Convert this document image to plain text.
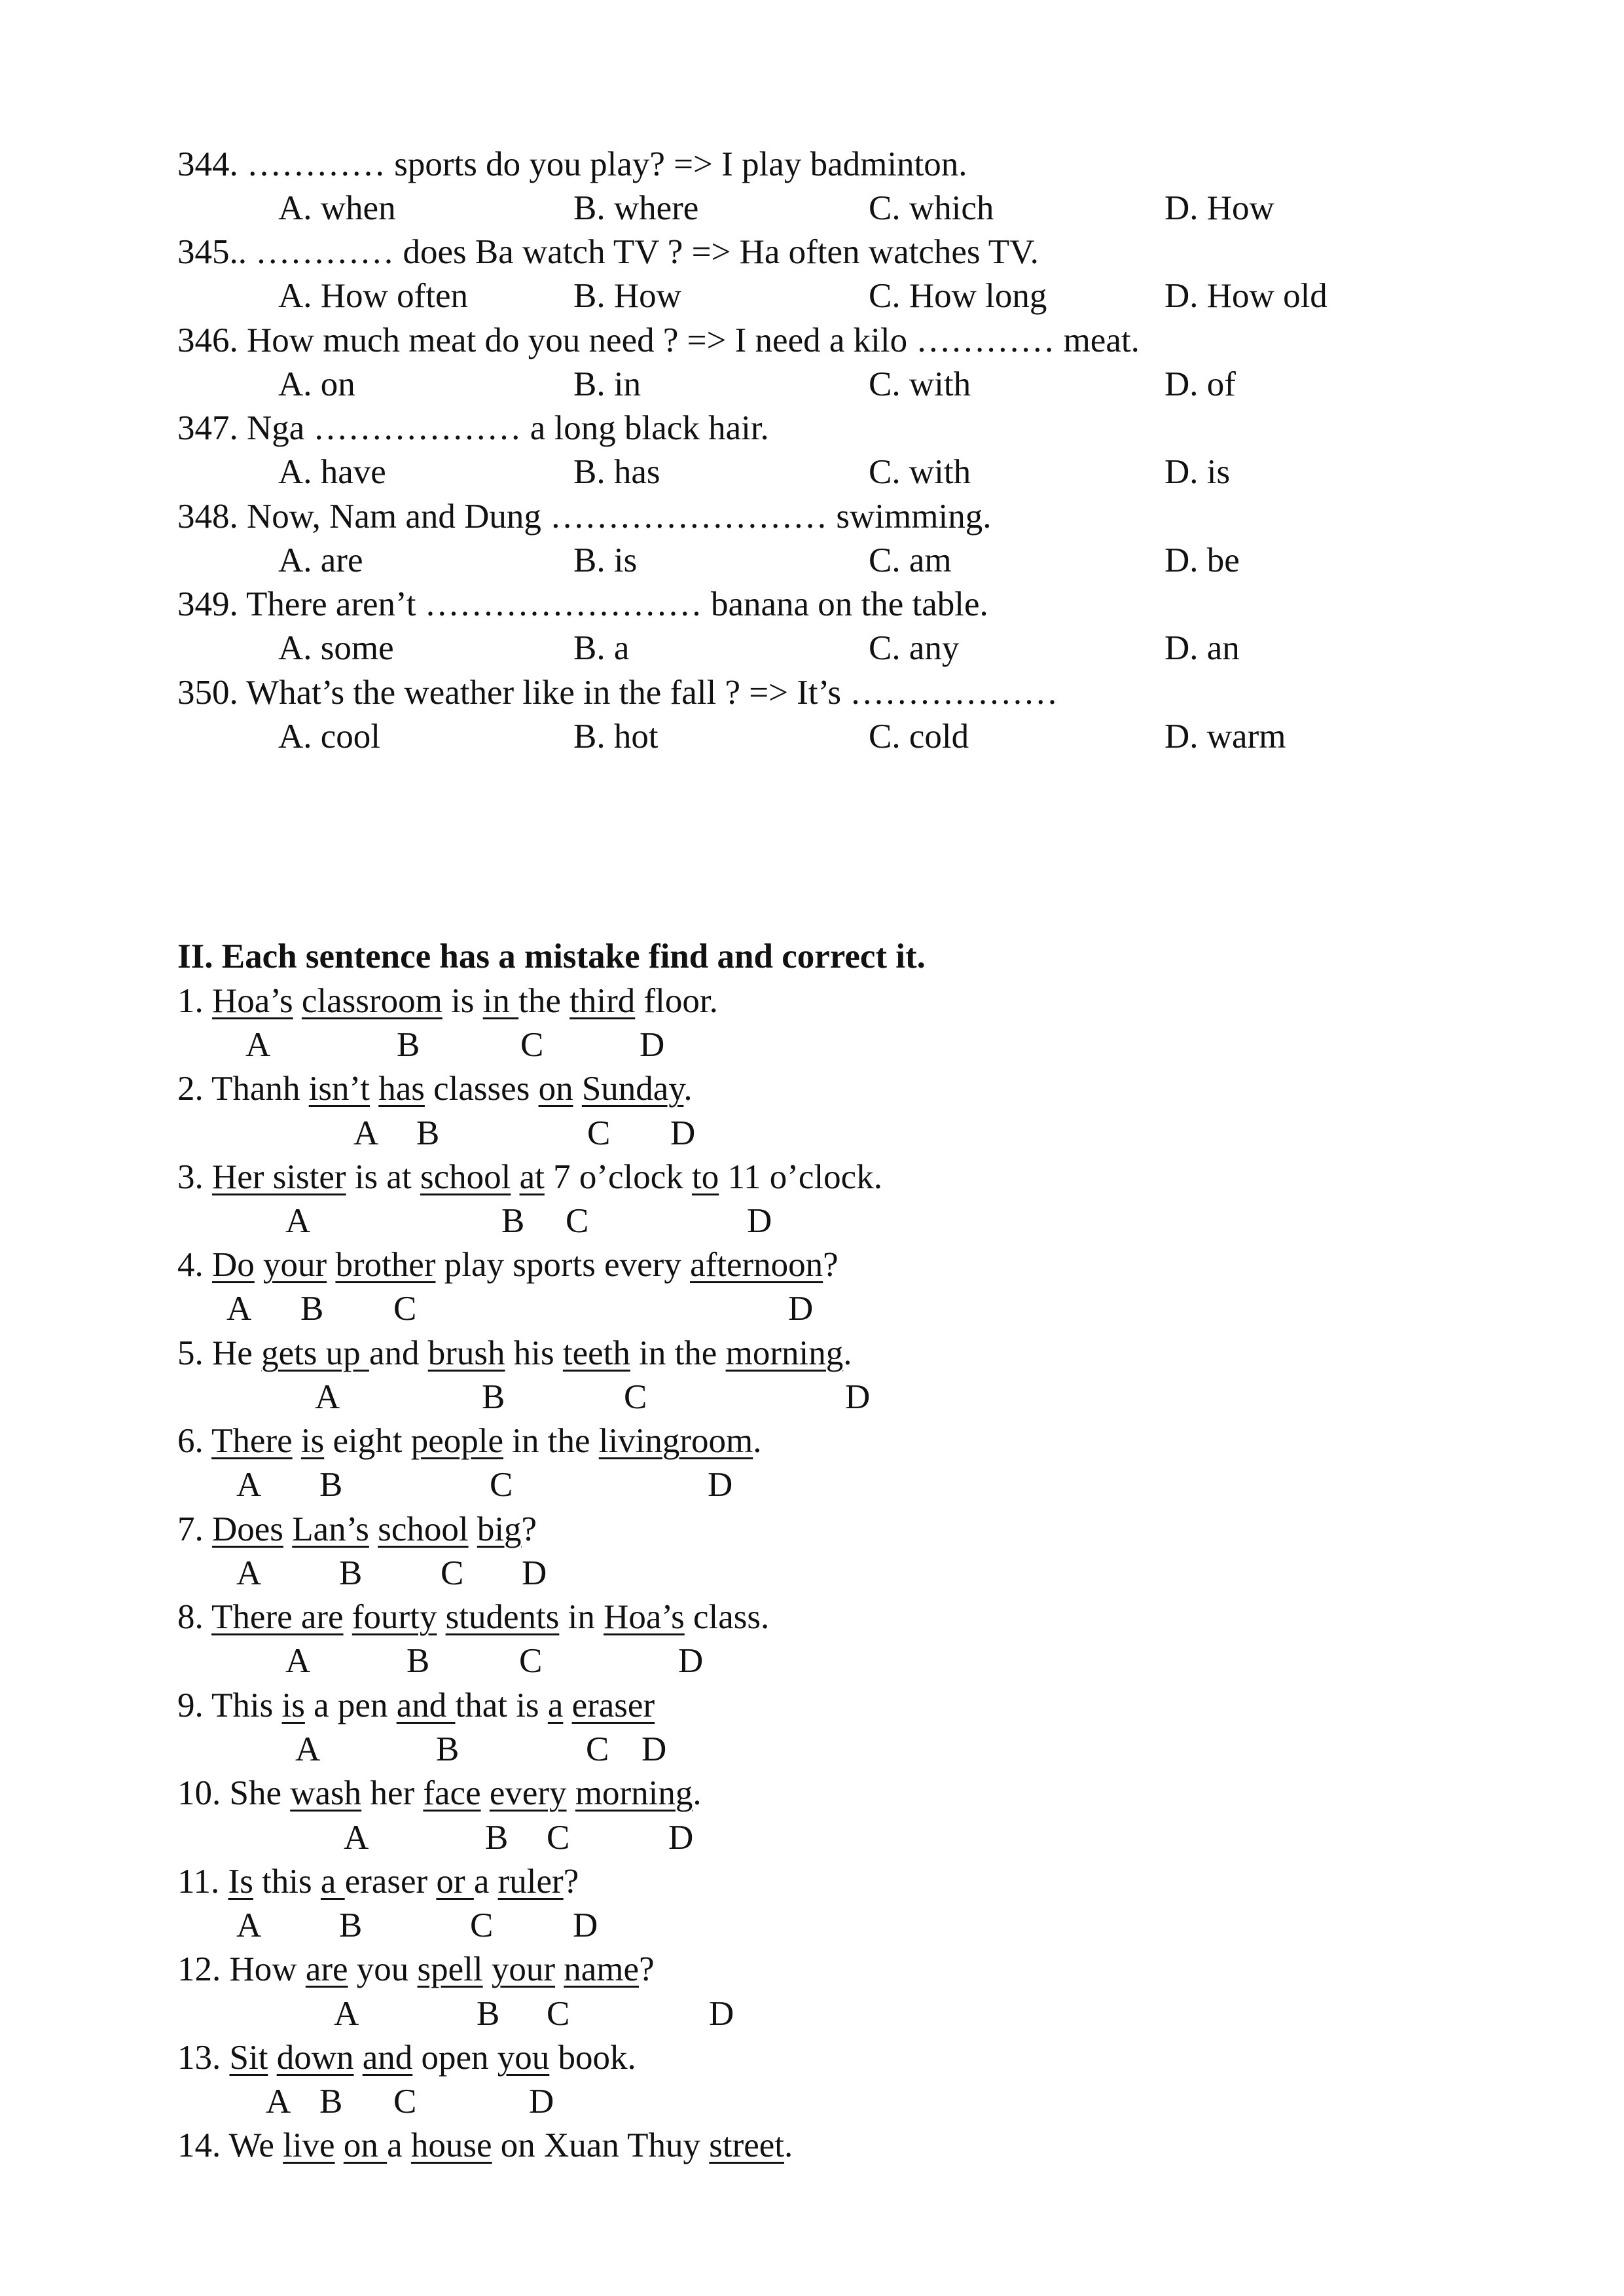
344. ………… sports do you play? => I play badminton.
A. when	B. where	C. which	D. How
345.. ………… does Ba watch TV ? => Ha often watches TV.
A. How often	B. How	C. How long	D. How old
346. How much meat do you need ? => I need a kilo ………… meat.
A. on	B. in	C. with	D. of
347. Nga ……………… a long black hair.
A. have	B. has	C. with	D. is
348. Now, Nam and Dung …………………… swimming.
A. are	B. is	C. am	D. be
349. There aren’t …………………… banana on the table.
A. some	B. a	C. any	D. an
350. What’s the weather like in the fall ? => It’s ………………
A. cool	B. hot	C. cold	D. warm
II. Each sentence has a mistake find and correct it.
1. Hoa’s classroom is in the third floor.
2. Thanh isn’t has classes on Sunday.
3. Her sister is at school at 7 o’clock to 11 o’clock.
4. Do your brother play sports every afternoon?
5. He gets up and brush his teeth in the morning.
6. There is eight people in the livingroom.
7. Does Lan’s school big?
8. There are fourty students in Hoa’s class.
9. This is a pen and that is a eraser
10. She wash her face every morning.
11. Is this a eraser or a ruler?
12. How are you spell your name?
13. Sit down and open you book.
14. We live on a house on Xuan Thuy street.
A	B	C	D
A B	C D
A	B C	D
A B C	D
A	B	C	D
A B	C	D
A B C D
A	B	C	D
A	B	C D
A	B C	D
A B	C D
A	B C	D
A B C	D
